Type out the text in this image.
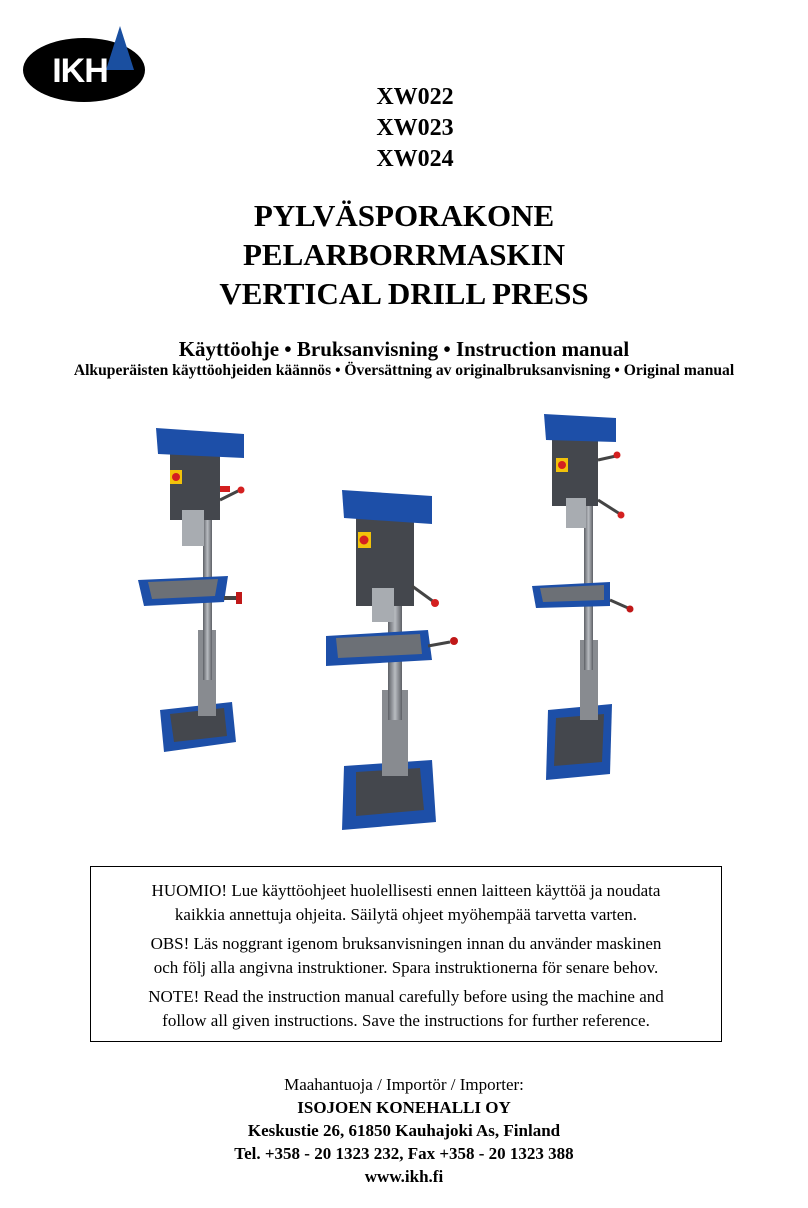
IKH
XW022
XW023
XW024
PYLVÄSPORAKONE
PELARBORRMASKIN
VERTICAL DRILL PRESS
Käyttöohje • Bruksanvisning • Instruction manual
Alkuperäisten käyttöohjeiden käännös • Översättning av originalbruksanvisning • Original manual

HUOMIO! Lue käyttöohjeet huolellisesti ennen laitteen käyttöä ja noudata
kaikkia annettuja ohjeita. Säilytä ohjeet myöhempää tarvetta varten.

OBS! Läs noggrant igenom bruksanvisningen innan du använder maskinen
och följ alla angivna instruktioner. Spara instruktionerna för senare behov.

NOTE! Read the instruction manual carefully before using the machine and
follow all given instructions. Save the instructions for further reference.

Maahantuoja / Importör / Importer:
ISOJOEN KONEHALLI OY
Keskustie 26, 61850 Kauhajoki As, Finland
Tel. +358 - 20 1323 232, Fax +358 - 20 1323 388
www.ikh.fi
